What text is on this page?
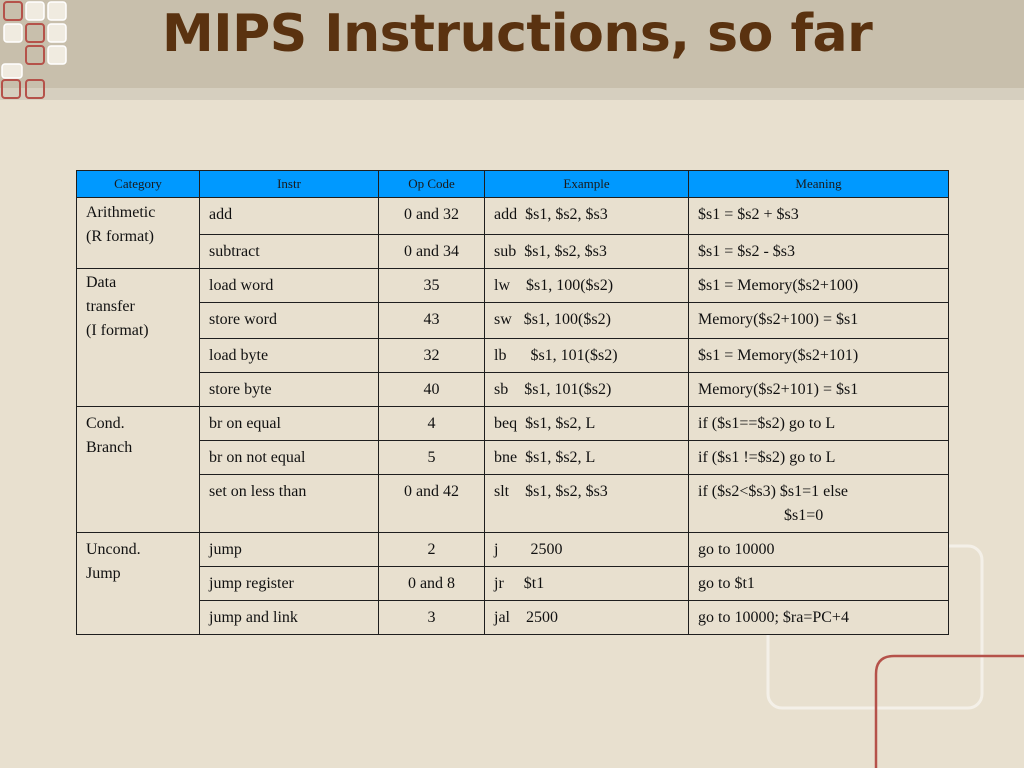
MIPS Instructions, so far
Category	Instr	Op Code	Example	Meaning
Arithmetic
(R format)	add	0 and 32	add  $s1, $s2, $s3	$s1 = $s2 + $s3
	subtract	0 and 34	sub  $s1, $s2, $s3	$s1 = $s2 - $s3
Data
transfer
(I format)	load word	35	lw    $s1, 100($s2)	$s1 = Memory($s2+100)
	store word	43	sw   $s1, 100($s2)	Memory($s2+100) = $s1
	load byte	32	lb      $s1, 101($s2)	$s1 = Memory($s2+101)
	store byte	40	sb    $s1, 101($s2)	Memory($s2+101) = $s1
Cond.
Branch	br on equal	4	beq  $s1, $s2, L	if ($s1==$s2) go to L
	br on not equal	5	bne  $s1, $s2, L	if ($s1 !=$s2) go to L
	set on less than	0 and 42	slt    $s1, $s2, $s3	if ($s2<$s3) $s1=1 else
$s1=0

Uncond.
Jump	jump	2	j        2500	go to 10000
	jump register	0 and 8	jr     $t1	go to $t1
	jump and link	3	jal    2500	go to 10000; $ra=PC+4
